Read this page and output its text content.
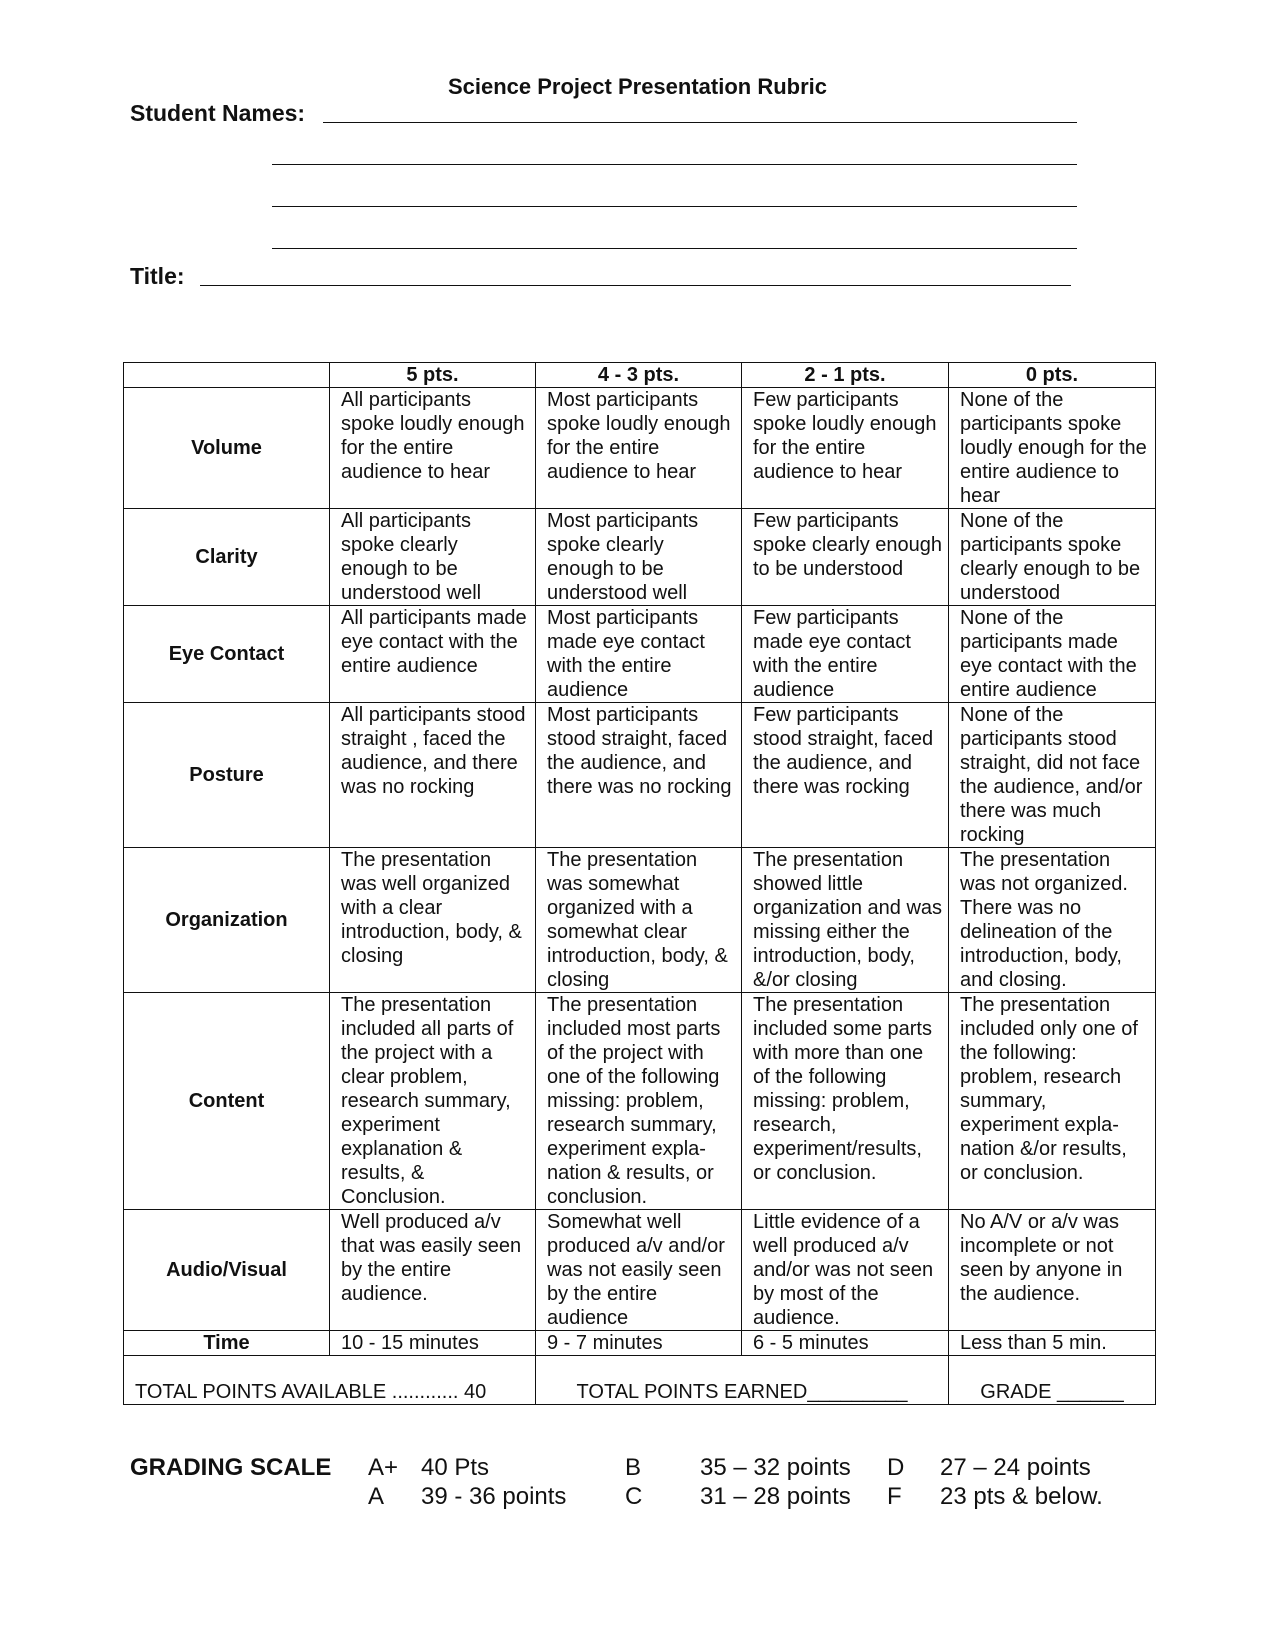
Science Project Presentation Rubric
Student Names:
Title:
	5 pts.	4 - 3 pts.	2 - 1 pts.	0 pts.
Volume	All participants spoke loudly enough for the entire audience to hear	Most participants spoke loudly enough for the entire audience to hear	Few participants spoke loudly enough for the entire audience to hear	None of the participants spoke loudly enough for the entire audience to hear
Clarity	All participants spoke clearly enough to be understood well	Most participants spoke clearly enough to be understood well	Few participants spoke clearly enough to be understood	None of the participants spoke clearly enough to be understood
Eye Contact	All participants made eye contact with the entire audience	Most participants made eye contact with the entire audience	Few participants made eye contact with the entire audience	None of the participants made eye contact with the entire audience
Posture	All participants stood straight , faced the audience, and there was no rocking	Most participants stood straight, faced the audience, and there was no rocking	Few participants stood straight, faced the audience, and there was rocking	None of the participants stood straight, did not face the audience, and/or there was much rocking
Organization	The presentation was well organized with a clear introduction, body, & closing	The presentation was somewhat organized with a somewhat clear introduction, body, & closing	The presentation showed little organization and was missing either the introduction, body, &/or closing	The presentation was not organized. There was no delineation of the introduction, body, and closing.
Content	The presentation included all parts of the project with a clear problem, research summary, experiment explanation & results, & Conclusion.	The presentation included most parts of the project with one of the following missing: problem, research summary, experiment expla-nation & results, or conclusion.	The presentation included some parts with more than one of the following missing: problem, research, experiment/results, or conclusion.	The presentation included only one of the following: problem, research summary, experiment expla-nation &/or results, or conclusion.
Audio/Visual	Well produced a/v that was easily seen by the entire audience.	Somewhat well produced a/v and/or was not easily seen by the entire audience	Little evidence of a well produced a/v and/or was not seen by most of the audience.	No A/V or a/v was incomplete or not seen by anyone in the audience.
Time	10 - 15 minutes	9 - 7 minutes	6 - 5 minutes	Less than 5 min.
TOTAL POINTS AVAILABLE ............ 40		TOTAL POINTS EARNED_________		GRADE ______
GRADING SCALE A+ 40 Pts
A 39 - 36 points
B 35 – 32 points
C 31 – 28 points
D 27 – 24 points
F 23 pts & below.
